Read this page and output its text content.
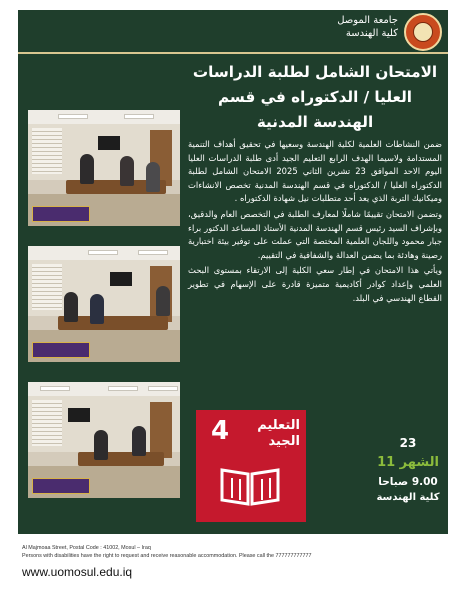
جامعة الموصل
كلية الهندسة
الامتحان الشامل لطلبة الدراسات العليا / الدكتوراه في قسم الهندسة المدنية

ضمن النشاطات العلمية لكلية الهندسة وسعيها في تحقيق أهداف التنمية المستدامة ولاسيما الهدف الرابع التعليم الجيد أدى طلبة الدراسات العليا اليوم الاحد الموافق 23 تشرين الثاني 2025 الامتحان الشامل لطلبة الدكتوراه العليا / الدكتوراه في قسم الهندسة المدنية تخصص الانشاءات وميكانيك التربة الذي يعد أحد متطلبات نيل شهادة الدكتوراه .

وتضمن الامتحان تقييمًا شاملًا لمعارف الطلبة في التخصص العام والدقيق، وبإشراف السيد رئيس قسم الهندسة المدنية الأستاذ المساعد الدكتور براء جبار محمود واللجان العلمية المختصة التي عملت على توفير بيئة اختبارية رصينة وهادئة بما يضمن العدالة والشفافية في التقييم.

ويأتي هذا الامتحان في إطار سعي الكلية إلى الارتقاء بمستوى البحث العلمي وإعداد كوادر أكاديمية متميزة قادرة على الإسهام في تطوير القطاع الهندسي في البلد.

4	التعليم الجيد	23
الشهر 11
9.00 صباحا
كلية الهندسة
Al Majmoaa Street, Postal Code : 41002, Mosul – Iraq
Persons with disabilities have the right to request and receive reasonable accommodation. Please call the 777777777777
www.uomosul.edu.iq
